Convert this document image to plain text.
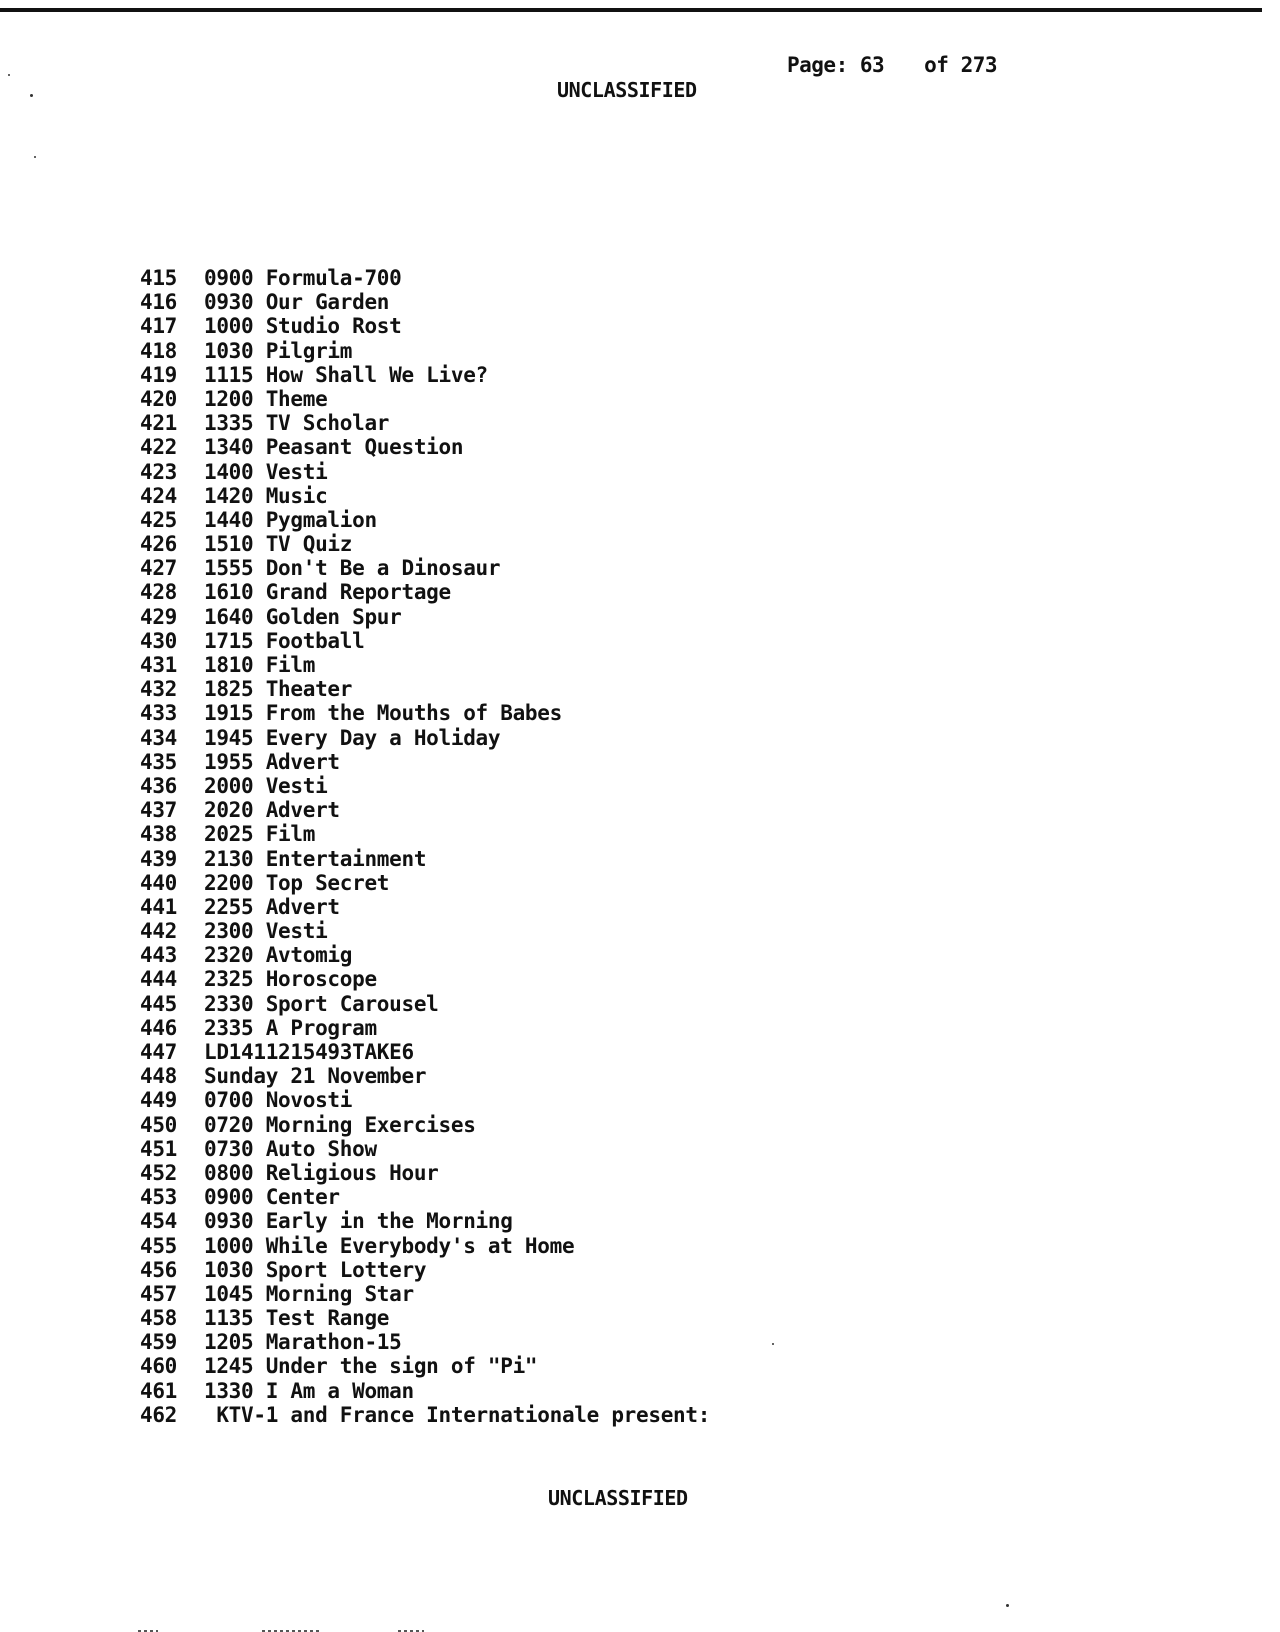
Page: 63 of 273
UNCLASSIFIED
415 0900 Formula-700
416 0930 Our Garden
417 1000 Studio Rost
418 1030 Pilgrim
419 1115 How Shall We Live?
420 1200 Theme
421 1335 TV Scholar
422 1340 Peasant Question
423 1400 Vesti
424 1420 Music
425 1440 Pygmalion
426 1510 TV Quiz
427 1555 Don't Be a Dinosaur
428 1610 Grand Reportage
429 1640 Golden Spur
430 1715 Football
431 1810 Film
432 1825 Theater
433 1915 From the Mouths of Babes
434 1945 Every Day a Holiday
435 1955 Advert
436 2000 Vesti
437 2020 Advert
438 2025 Film
439 2130 Entertainment
440 2200 Top Secret
441 2255 Advert
442 2300 Vesti
443 2320 Avtomig
444 2325 Horoscope
445 2330 Sport Carousel
446 2335 A Program
447 LD1411215493TAKE6
448 Sunday 21 November
449 0700 Novosti
450 0720 Morning Exercises
451 0730 Auto Show
452 0800 Religious Hour
453 0900 Center
454 0930 Early in the Morning
455 1000 While Everybody's at Home
456 1030 Sport Lottery
457 1045 Morning Star
458 1135 Test Range
459 1205 Marathon-15
460 1245 Under the sign of "Pi"
461 1330 I Am a Woman
462 KTV-1 and France Internationale present:
UNCLASSIFIED
